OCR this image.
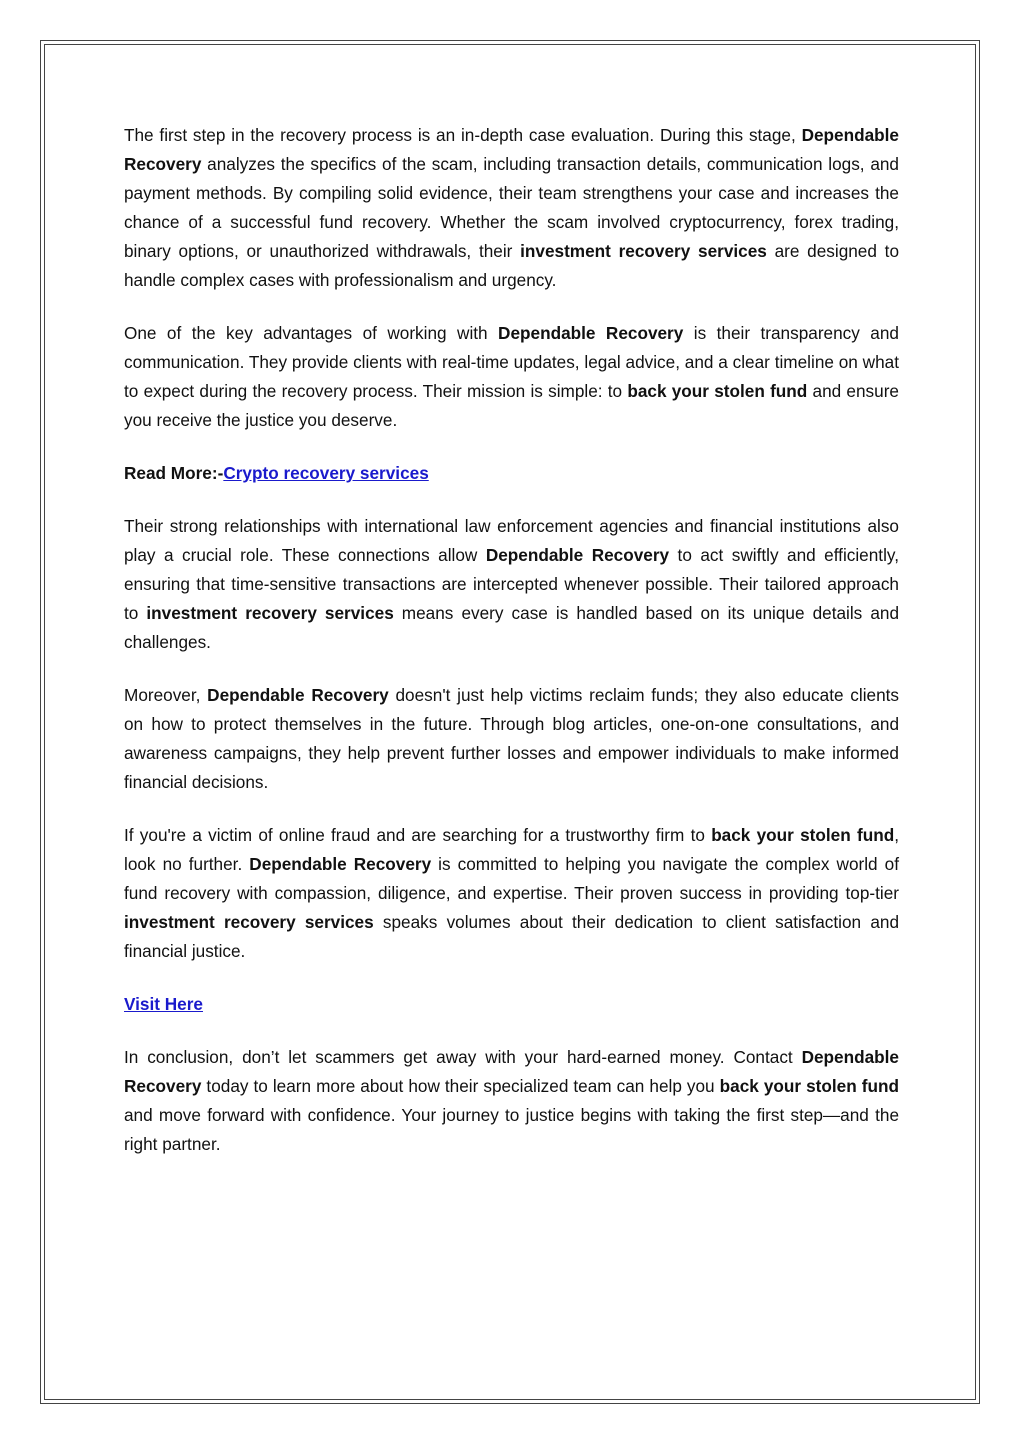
The first step in the recovery process is an in-depth case evaluation. During this stage, Dependable Recovery analyzes the specifics of the scam, including transaction details, communication logs, and payment methods. By compiling solid evidence, their team strengthens your case and increases the chance of a successful fund recovery. Whether the scam involved cryptocurrency, forex trading, binary options, or unauthorized withdrawals, their investment recovery services are designed to handle complex cases with professionalism and urgency.

One of the key advantages of working with Dependable Recovery is their transparency and communication. They provide clients with real-time updates, legal advice, and a clear timeline on what to expect during the recovery process. Their mission is simple: to back your stolen fund and ensure you receive the justice you deserve.

Read More:-Crypto recovery services

Their strong relationships with international law enforcement agencies and financial institutions also play a crucial role. These connections allow Dependable Recovery to act swiftly and efficiently, ensuring that time-sensitive transactions are intercepted whenever possible. Their tailored approach to investment recovery services means every case is handled based on its unique details and challenges.

Moreover, Dependable Recovery doesn't just help victims reclaim funds; they also educate clients on how to protect themselves in the future. Through blog articles, one-on-one consultations, and awareness campaigns, they help prevent further losses and empower individuals to make informed financial decisions.

If you're a victim of online fraud and are searching for a trustworthy firm to back your stolen fund, look no further. Dependable Recovery is committed to helping you navigate the complex world of fund recovery with compassion, diligence, and expertise. Their proven success in providing top-tier investment recovery services speaks volumes about their dedication to client satisfaction and financial justice.

Visit Here

In conclusion, don’t let scammers get away with your hard-earned money. Contact Dependable Recovery today to learn more about how their specialized team can help you back your stolen fund and move forward with confidence. Your journey to justice begins with taking the first step—and the right partner.
